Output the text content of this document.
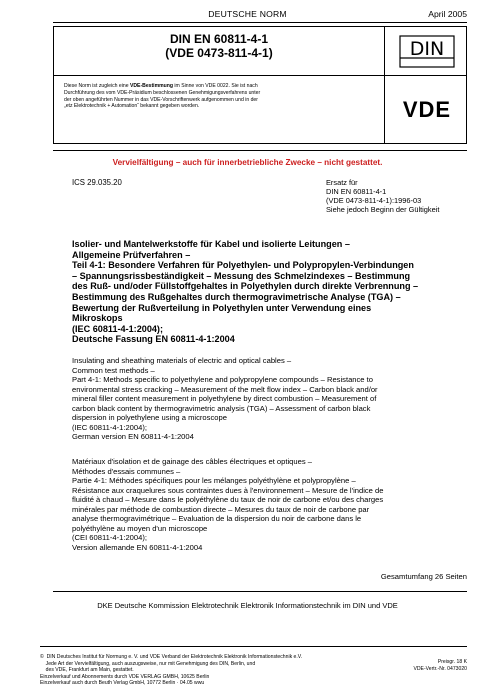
DEUTSCHE NORM	April 2005
DIN EN 60811-4-1
(VDE 0473-811-4-1)	DIN
Diese Norm ist zugleich eine VDE-Bestimmung im Sinne von VDE 0022. Sie ist nach
Durchführung des vom VDE-Präsidium beschlossenen Genehmigungsverfahrens unter
der oben angeführten Nummer in das VDE-Vorschriftenwerk aufgenommen und in der
„etz Elektrotechnik + Automation“ bekannt gegeben worden.	VDE
Vervielfältigung – auch für innerbetriebliche Zwecke – nicht gestattet.
ICS 29.035.20	Ersatz für
DIN EN 60811-4-1
(VDE 0473-811-4-1):1996-03
Siehe jedoch Beginn der Gültigkeit
Isolier- und Mantelwerkstoffe für Kabel und isolierte Leitungen –
Allgemeine Prüfverfahren –
Teil 4-1: Besondere Verfahren für Polyethylen- und Polypropylen-Verbindungen
– Spannungsrissbeständigkeit – Messung des Schmelzindexes – Bestimmung
des Ruß- und/oder Füllstoffgehaltes in Polyethylen durch direkte Verbrennung –
Bestimmung des Rußgehaltes durch thermogravimetrische Analyse (TGA) –
Bewertung der Rußverteilung in Polyethylen unter Verwendung eines
Mikroskops
(IEC 60811-4-1:2004);
Deutsche Fassung EN 60811-4-1:2004
Insulating and sheathing materials of electric and optical cables –
Common test methods –
Part 4-1: Methods specific to polyethylene and polypropylene compounds – Resistance to
environmental stress cracking – Measurement of the melt flow index – Carbon black and/or
mineral filler content measurement in polyethylene by direct combustion – Measurement of
carbon black content by thermogravimetric analysis (TGA) – Assessment of carbon black
dispersion in polyethylene using a microscope
(IEC 60811-4-1:2004);
German version EN 60811-4-1:2004
Matériaux d'isolation et de gainage des câbles électriques et optiques –
Méthodes d'essais communes –
Partie 4-1: Méthodes spécifiques pour les mélanges polyéthylène et polypropylène –
Résistance aux craquelures sous contraintes dues à l'environnement – Mesure de l'indice de
fluidité à chaud – Mesure dans le polyéthylène du taux de noir de carbone et/ou des charges
minérales par méthode de combustion directe – Mesures du taux de noir de carbone par
analyse thermogravimétrique – Evaluation de la dispersion du noir de carbone dans le
polyéthylène au moyen d'un microscope
(CEI 60811-4-1:2004);
Version allemande EN 60811-4-1:2004
Gesamtumfang 26 Seiten
DKE Deutsche Kommission Elektrotechnik Elektronik Informationstechnik im DIN und VDE
©  DIN Deutsches Institut für Normung e. V. und VDE Verband der Elektrotechnik Elektronik Informationstechnik e.V.
Jede Art der Vervielfältigung, auch auszugsweise, nur mit Genehmigung des DIN, Berlin, und
des VDE, Frankfurt am Main, gestattet.
Einzelverkauf und Abonnements durch VDE VERLAG GMBH, 10625 Berlin
Einzelverkauf auch durch Beuth Verlag GmbH, 10772 Berlin · 04.05 wwu
Preisgr. 18 K
VDE-Vertr.-Nr. 0473020
